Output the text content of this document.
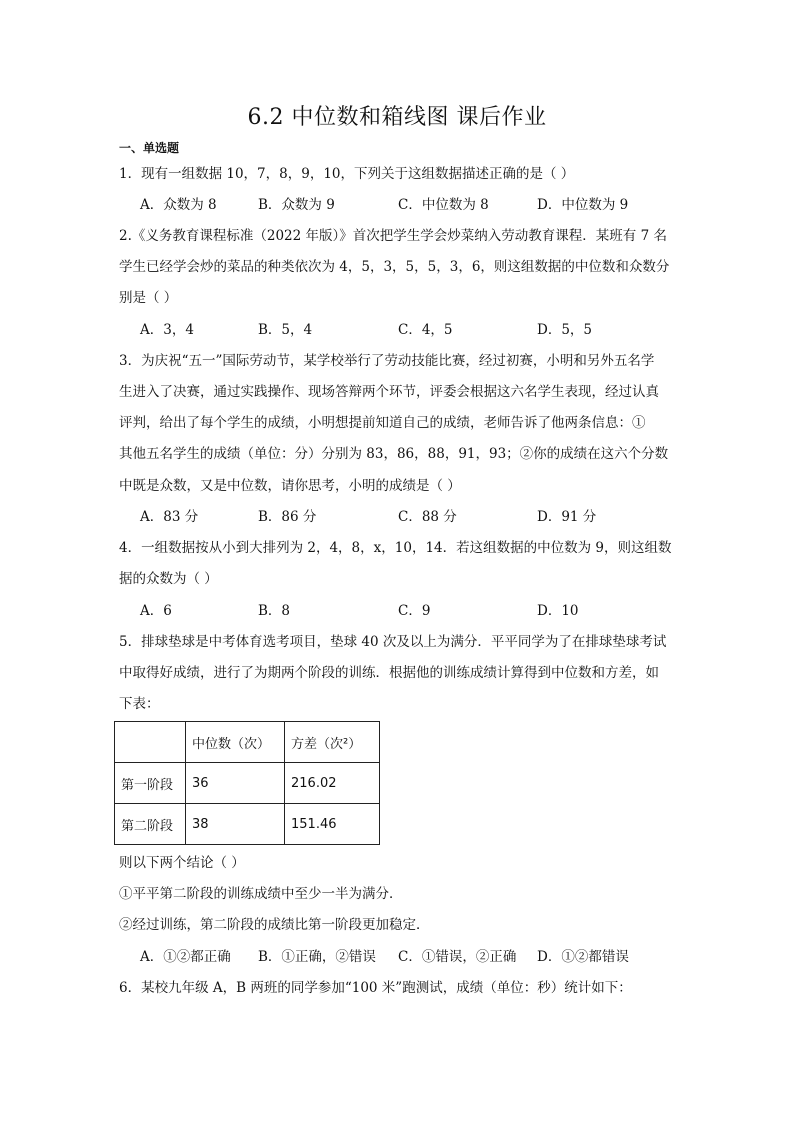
6.2 中位数和箱线图 课后作业
一、单选题
1．现有一组数据 10，7，8，9，10，下列关于这组数据描述正确的是（ ）
A．众数为 8	B．众数为 9	C．中位数为 8	D．中位数为 9
2.《义务教育课程标准（2022 年版）》首次把学生学会炒菜纳入劳动教育课程．某班有 7 名
学生已经学会炒的菜品的种类依次为 4，5，3，5，5，3，6，则这组数据的中位数和众数分
别是（ ）
A．3，4	B．5，4	C．4，5	D．5，5
3．为庆祝“五一”国际劳动节，某学校举行了劳动技能比赛，经过初赛，小明和另外五名学
生进入了决赛，通过实践操作、现场答辩两个环节，评委会根据这六名学生表现，经过认真
评判，给出了每个学生的成绩，小明想提前知道自己的成绩，老师告诉了他两条信息：①
其他五名学生的成绩（单位：分）分别为 83，86，88，91，93；②你的成绩在这六个分数
中既是众数，又是中位数，请你思考，小明的成绩是（ ）
A．83 分	B．86 分	C．88 分	D．91 分
4．一组数据按从小到大排列为 2，4，8，x，10，14．若这组数据的中位数为 9，则这组数
据的众数为（ ）
A．6	B．8	C．9	D．10
5．排球垫球是中考体育选考项目，垫球 40 次及以上为满分．平平同学为了在排球垫球考试
中取得好成绩，进行了为期两个阶段的训练．根据他的训练成绩计算得到中位数和方差，如
下表：
	中位数（次）	方差（次²）
第一阶段	36	216.02
第二阶段	38	151.46
则以下两个结论（ ）
①平平第二阶段的训练成绩中至少一半为满分．
②经过训练，第二阶段的成绩比第一阶段更加稳定．
A．①②都正确 B．①正确，②错误 C．①错误，②正确 D．①②都错误
6．某校九年级 A，B 两班的同学参加“100 米”跑测试，成绩（单位：秒）统计如下：
